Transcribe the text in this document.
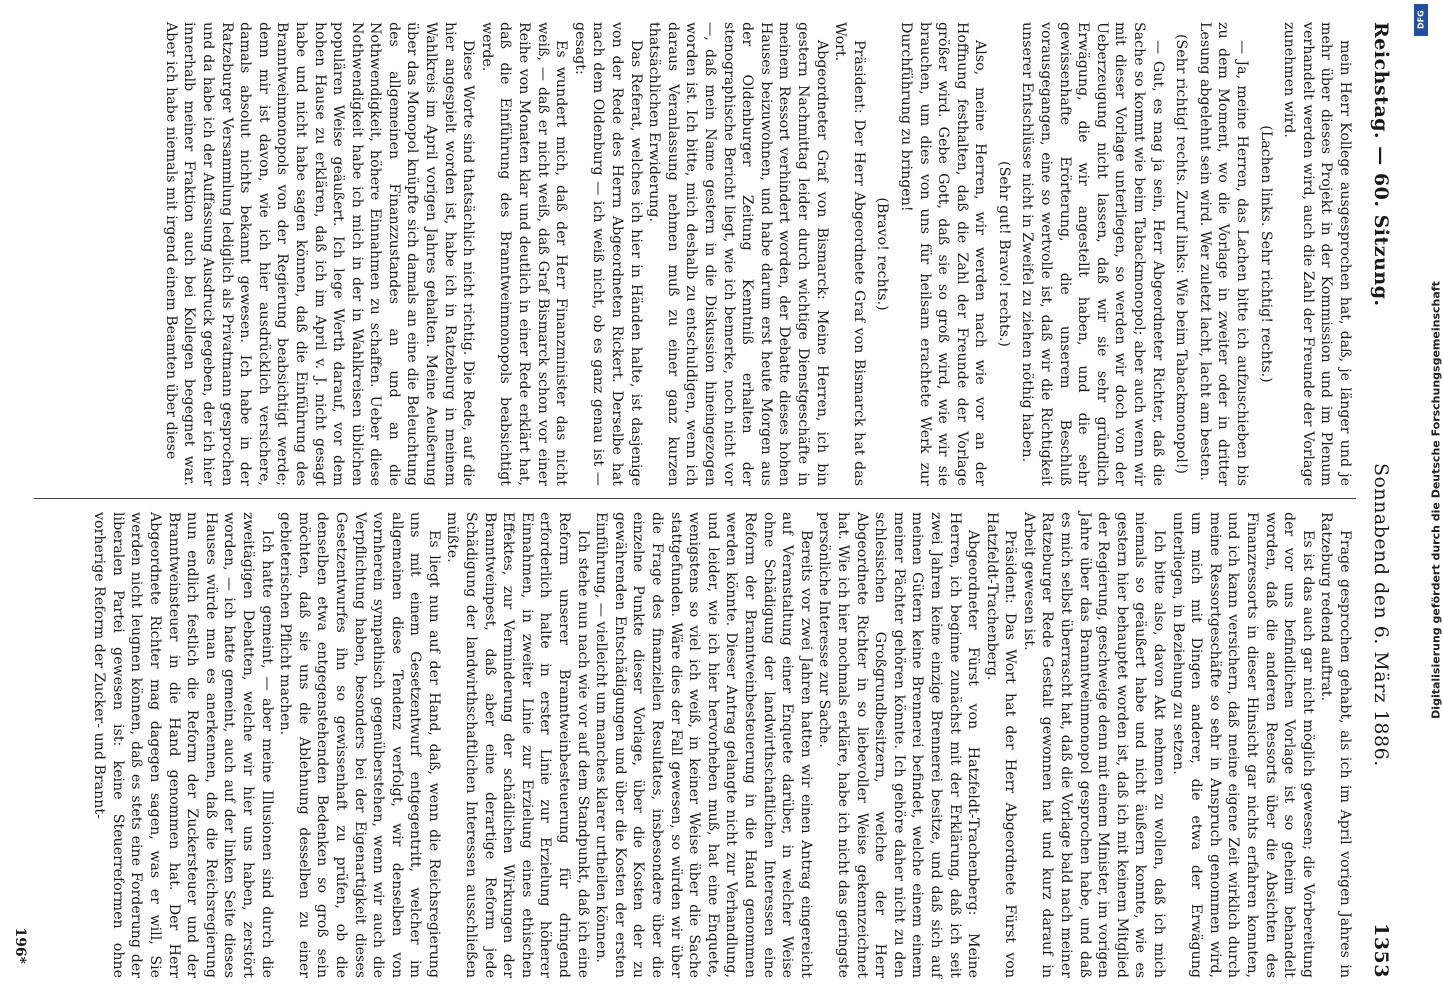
Reichstag. — 60. Sitzung.
Sonnabend den 6. März 1886.
1353

mein Herr Kollege ausgesprochen hat, daß, je länger und je mehr über dieses Projekt in der Kommission und im Plenum verhandelt werden wird, auch die Zahl der Freunde der Vorlage zunehmen wird.

(Lachen links. Sehr richtig! rechts.)

— Ja, meine Herren, das Lachen bitte ich aufzuschieben bis zu dem Moment, wo die Vorlage in zweiter oder in dritter Lesung abgelehnt sein wird. Wer zuletzt lacht, lacht am besten.

(Sehr richtig! rechts. Zuruf links: Wie beim Tabackmonopol!)

— Gut, es mag ja sein, Herr Abgeordneter Richter, daß die Sache so kommt wie beim Tabackmonopol; aber auch wenn wir mit dieser Vorlage unterliegen, so werden wir doch von der Ueberzeugung nicht lassen, daß wir sie sehr gründlich Erwägung, die wir angestellt haben, und die sehr gewissenhafte Erörterung, die unserem Beschluß vorausgegangen, eine so wertvolle ist, daß wir die Richtigkeit unserer Entschlüsse nicht in Zweifel zu ziehen nöthig haben.

(Sehr gut! Bravo! rechts.)

Also, meine Herren, wir werden nach wie vor an der Hoffnung festhalten, daß die Zahl der Freunde der Vorlage größer wird. Gebe Gott, daß sie so groß wird, wie wir sie brauchen, um dies von uns für heilsam erachtete Werk zur Durchführung zu bringen!

(Bravo! rechts.)

Präsident: Der Herr Abgeordnete Graf von Bismarck hat das Wort.

Abgeordneter Graf von Bismarck: Meine Herren, ich bin gestern Nachmittag leider durch wichtige Dienstgeschäfte in meinem Ressort verhindert worden, der Debatte dieses hohen Hauses beizuwohnen, und habe darum erst heute Morgen aus der Oldenburger Zeitung Kenntniß erhalten der stenographische Bericht liegt, wie ich bemerke, noch nicht vor —, daß mein Name gestern in die Diskussion hineingezogen worden ist. Ich bitte, mich deshalb zu entschuldigen, wenn ich daraus Veranlassung nehmen muß zu einer ganz kurzen thatsächlichen Erwiderung.

Das Referat, welches ich hier in Händen halte, ist dasjenige von der Rede des Herrn Abgeordneten Rickert. Derselbe hat nach dem Oldenburg — ich weiß nicht, ob es ganz genau ist — gesagt:

Es wundert mich, daß der Herr Finanzminister das nicht weiß, — daß er nicht weiß, daß Graf Bismarck schon vor einer Reihe von Monaten klar und deutlich in einer Rede erklärt hat, daß die Einführung des Branntweinmonopols beabsichtigt werde.

Diese Worte sind thatsächlich nicht richtig. Die Rede, auf die hier angespielt worden ist, habe ich in Ratzeburg in meinem Wahlkreis im April vorigen Jahres gehalten. Meine Aeußerung über das Monopol knüpfte sich damals an eine die Beleuchtung des allgemeinen Finanzzustandes an und an die Nothwendigkeit, höhere Einnahmen zu schaffen. Ueber diese Nothwendigkeit habe ich mich in der in Wahlkreisen üblichen populären Weise geäußert. Ich lege Werth darauf, vor dem hohen Hause zu erklären, daß ich im April v. J. nicht gesagt habe und nicht habe sagen können, daß die Einführung des Branntweinmonopols von der Regierung beabsichtigt werde; denn mir ist davon, wie ich hier ausdrücklich versichere, damals absolut nichts bekannt gewesen. Ich habe in der Ratzeburger Versammlung lediglich als Privatmann gesprochen und da habe ich der Auffassung Ausdruck gegeben, der ich hier innerhalb meiner Fraktion auch bei Kollegen begegnet war. Aber ich habe niemals mit irgend einem Beamten über diese

Frage gesprochen gehabt, als ich im April vorigen Jahres in Ratzeburg redend auftrat.

Es ist das auch gar nicht möglich gewesen; die Vorbereitung der vor uns befindlichen Vorlage ist so geheim behandelt worden, daß die anderen Ressorts über die Absichten des Finanzressorts in dieser Hinsicht gar nichts erfahren konnten, und ich kann versichern, daß meine eigene Zeit wirklich durch meine Ressortgeschäfte so sehr in Anspruch genommen wird, um mich mit Dingen anderer, die etwa der Erwägung unterliegen, in Beziehung zu setzen.

Ich bitte also, davon Akt nehmen zu wollen, daß ich mich niemals so geäußert habe und nicht äußern konnte, wie es gestern hier behauptet worden ist, daß ich mit keinem Mitglied der Regierung, geschweige denn mit einem Minister, im vorigen Jahre über das Branntweinmonopol gesprochen habe, und daß es mich selbst überrascht hat, daß die Vorlage bald nach meiner Ratzeburger Rede Gestalt gewonnen hat und kurz darauf in Arbeit gewesen ist.

Präsident: Das Wort hat der Herr Abgeordnete Fürst von Hatzfeldt-Trachenberg.

Abgeordneter Fürst von Hatzfeldt-Trachenberg: Meine Herren, ich beginne zunächst mit der Erklärung, daß ich seit zwei Jahren keine einzige Brennerei besitze, und daß sich auf meinen Gütern keine Brennerei befindet, welche einem einem meiner Pächter gehören könnte. Ich gehöre daher nicht zu den schlesischen Großgrundbesitzern, welche der Herr Abgeordnete Richter in so liebevoller Weise gekennzeichnet hat. Wie ich hier nochmals erkläre, habe ich nicht das geringste persönliche Interesse zur Sache.

Bereits vor zwei Jahren hatten wir einen Antrag eingereicht auf Veranstaltung einer Enquete darüber, in welcher Weise ohne Schädigung der landwirthschaftlichen Interessen eine Reform der Branntweinbesteuerung in die Hand genommen werden könnte. Dieser Antrag gelangte nicht zur Verhandlung, und leider, wie ich hier hervorheben muß, hat eine Enquete, wenigstens so viel ich weiß, in keiner Weise über die Sache stattgefunden. Wäre dies der Fall gewesen, so würden wir über die Frage des finanziellen Resultates, insbesondere über die einzelne Punkte dieser Vorlage, über die Kosten der zu gewährenden Entschädigungen und über die Kosten der ersten Einführung, — vielleicht um manches klarer urtheilen können.

Ich stehe nun nach wie vor auf dem Standpunkt, daß ich eine Reform unserer Branntweinbesteuerung für dringend erforderlich halte in erster Linie zur Erzielung höherer Einnahmen, in zweiter Linie zur Erzielung eines ethischen Effektes, zur Verminderung der schädlichen Wirkungen der Branntweinpest, daß aber eine derartige Reform jede Schädigung der landwirthschaftlichen Interessen ausschließen müßte.

Es liegt nun auf der Hand, daß, wenn die Reichsregierung uns mit einem Gesetzentwurf entgegentritt, welcher im allgemeinen diese Tendenz verfolgt, wir denselben von vornherein sympathisch gegenüberstehen, wenn wir auch die Verpflichtung haben, besonders bei der Eigenartigkeit dieses Gesetzentwurfes ihn so gewissenhaft zu prüfen, ob die denselben etwa entgegenstehenden Bedenken so groß sein möchten, daß sie uns die Ablehnung desselben zu einer gebieterischen Pflicht machen.

Ich hatte gemeint, — aber meine Illusionen sind durch die zweitägigen Debatten, welche wir hier uns haben, zerstört worden, — ich hatte gemeint, auch auf der linken Seite dieses Hauses würde man es anerkennen, daß die Reichsregierung nun endlich festlich die Reform der Zuckersteuer und der Branntweinsteuer in die Hand genommen hat. Der Herr Abgeordnete Richter mag dagegen sagen, was er will, Sie werden nicht leugnen können, daß es stets eine Forderung der liberalen Partei gewesen ist: keine Steuerreformen ohne vorherige Reform der Zucker- und Brannt-

196*
DFG
Digitalisierung gefördert durch die Deutsche Forschungsgemeinschaft
